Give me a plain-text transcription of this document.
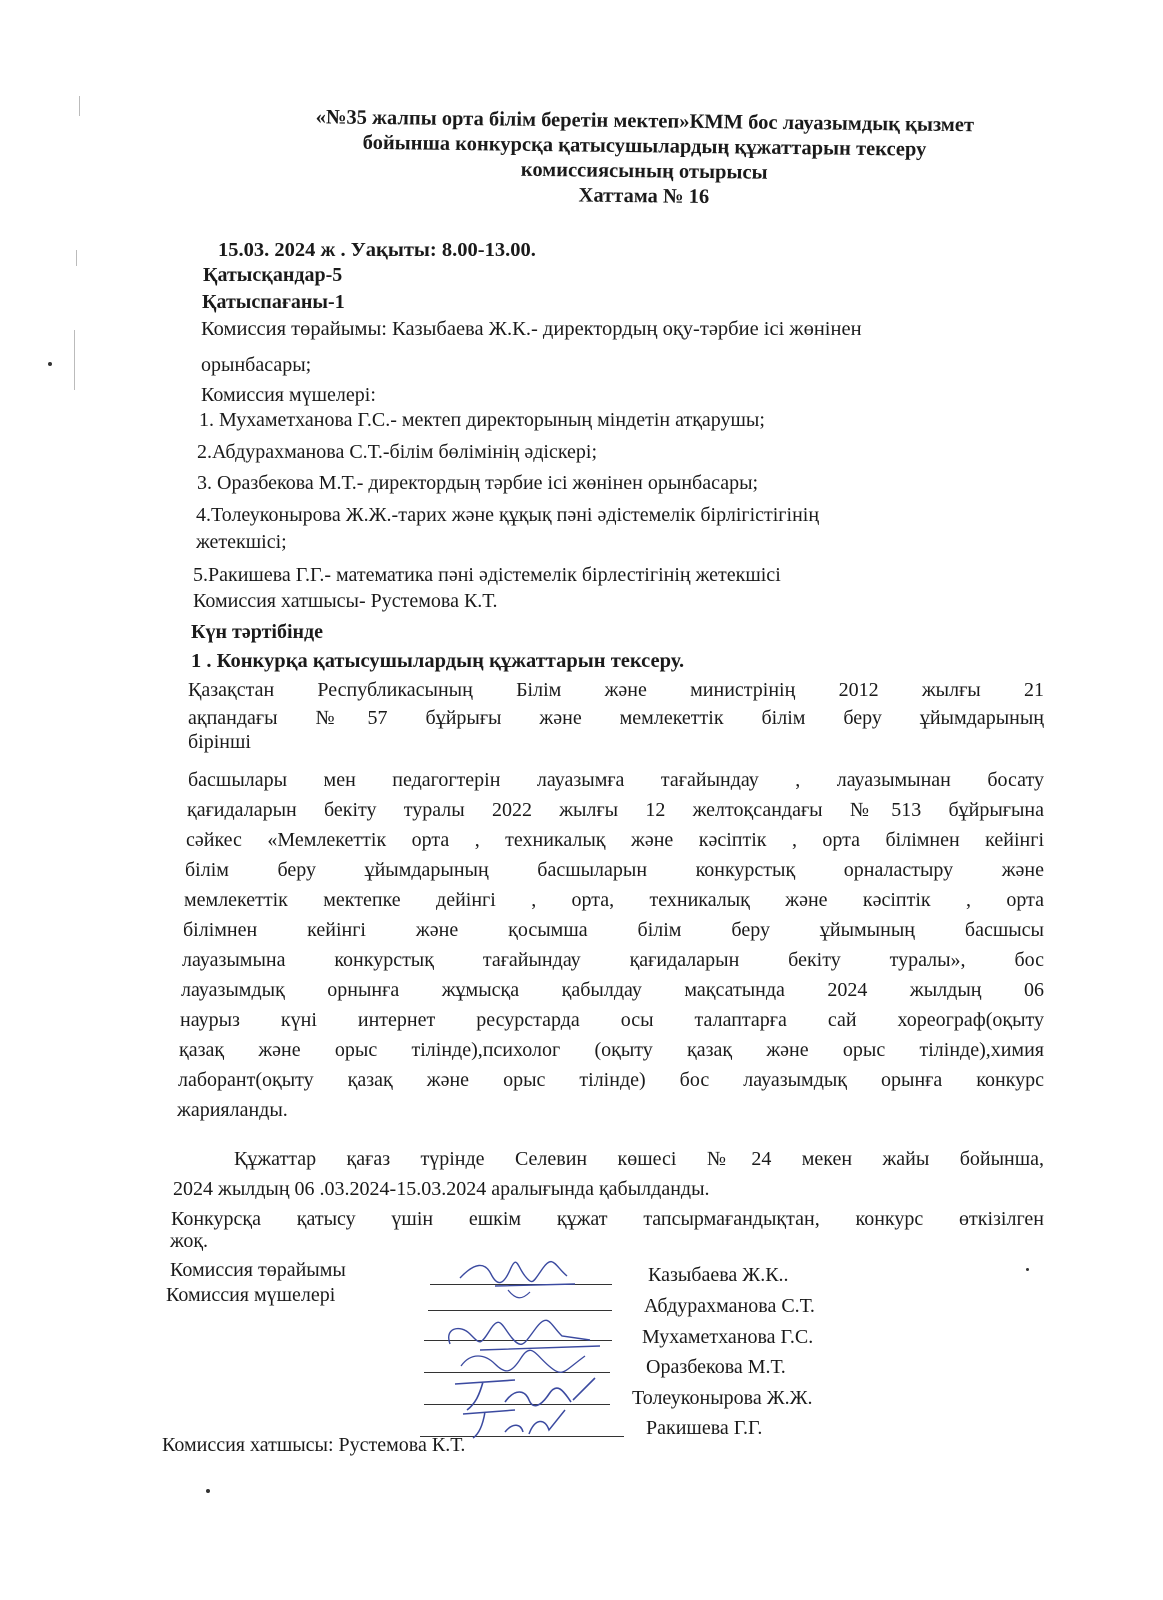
«№35 жалпы орта білім беретін мектеп»КММ бос лауазымдық қызмет
бойынша конкурсқа қатысушылардың құжаттарын тексеру
комиссиясының отырысы
Хаттама № 16
15.03. 2024 ж . Уақыты: 8.00-13.00.
Қатысқандар-5
Қатыспағаны-1
Комиссия төрайымы: Казыбаева Ж.К.- директордың оқу-тәрбие ісі жөнінен
орынбасары;
Комиссия мүшелері:
1. Мухаметханова Г.С.- мектеп директорының міндетін атқарушы;
2.Абдурахманова С.Т.-білім бөлімінің әдіскері;
3. Оразбекова М.Т.- директордың тәрбие ісі жөнінен орынбасары;
4.Толеуконырова Ж.Ж.-тарих және құқық пәні әдістемелік бірлігістігінің
жетекшісі;
5.Ракишева Г.Г.- математика пәні әдістемелік бірлестігінің жетекшісі
Комиссия хатшысы- Рустемова К.Т.
Күн тәртібінде
1 . Конкурқа қатысушылардың құжаттарын тексеру.
Қазақстан Республикасының Білім және министрінің 2012 жылғы 21
ақпандағы №57 бұйрығы және мемлекеттік білім беру ұйымдарының
бірінші
басшылары мен педагогтерін лауазымға тағайындау , лауазымынан босату
қағидаларын бекіту туралы 2022 жылғы 12 желтоқсандағы №513 бұйрығына
сәйкес «Мемлекеттік орта , техникалық және кәсіптік , орта білімнен кейінгі
білім беру ұйымдарының басшыларын конкурстық орналастыру және
мемлекеттік мектепке дейінгі , орта, техникалық және кәсіптік , орта
білімнен кейінгі және қосымша білім беру ұйымының басшысы
лауазымына конкурстық тағайындау қағидаларын бекіту туралы», бос
лауазымдық орнынға жұмысқа қабылдау мақсатында 2024 жылдың 06
наурыз күні интернет ресурстарда осы талаптарға сай хореограф(оқыту
қазақ және орыс тілінде),психолог (оқыту қазақ және орыс тілінде),химия
лаборант(оқыту қазақ және орыс тілінде) бос лауазымдық орынға конкурс
жарияланды.
Құжаттар қағаз түрінде Селевин көшесі №24 мекен жайы бойынша,
2024 жылдың 06 .03.2024-15.03.2024 аралығында қабылданды.
Конкурсқа қатысу үшін ешкім құжат тапсырмағандықтан, конкурс өткізілген
жоқ.
Комиссия төрайымы
Комиссия мүшелері
Казыбаева Ж.К..
Абдурахманова С.Т.
Мухаметханова Г.С.
Оразбекова М.Т.
Толеуконырова Ж.Ж.
Ракишева Г.Г.
Комиссия хатшысы: Рустемова К.Т.
